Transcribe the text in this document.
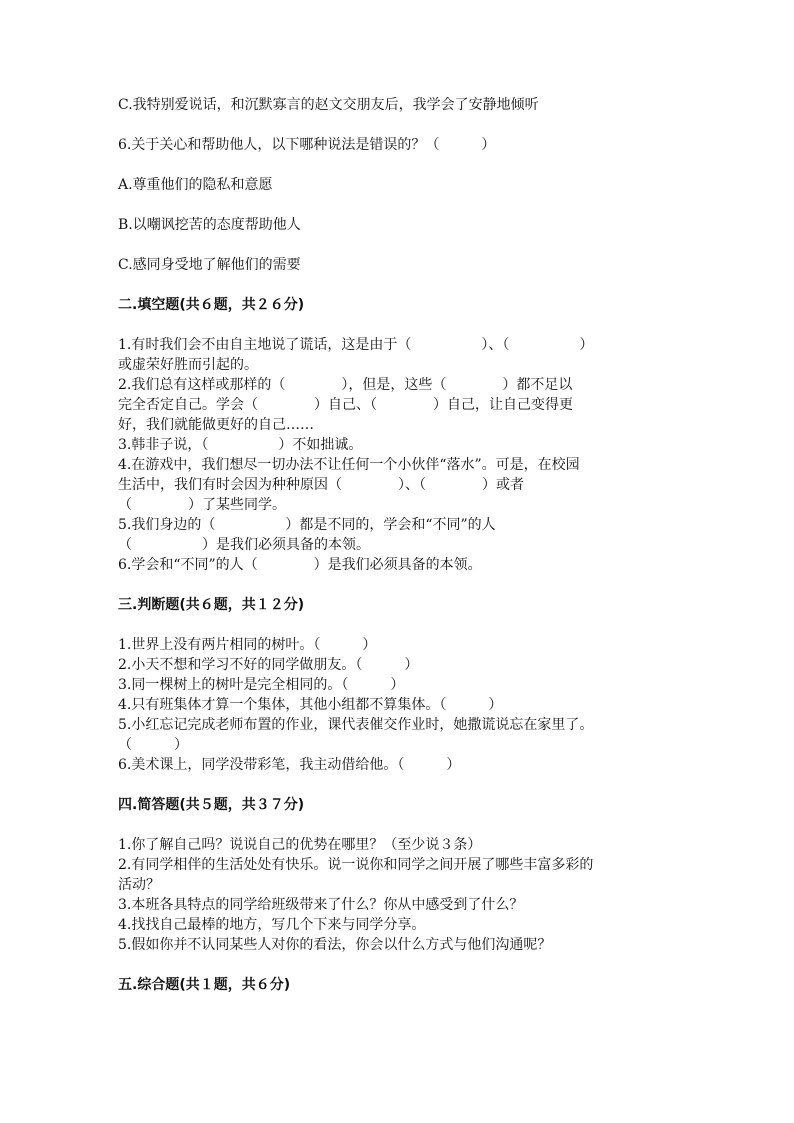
C.我特别爱说话，和沉默寡言的赵文交朋友后，我学会了安静地倾听
6.关于关心和帮助他人，以下哪种说法是错误的？（　　　）
A.尊重他们的隐私和意愿
B.以嘲讽挖苦的态度帮助他人
C.感同身受地了解他们的需要
二.填空题(共６题，共２６分)
1.有时我们会不由自主地说了谎话，这是由于（　　　　　）、（　　　　　）
或虚荣好胜而引起的。
2.我们总有这样或那样的（　　　　），但是，这些（　　　　）都不足以
完全否定自己。学会（　　　　）自己、（　　　　）自己，让自己变得更
好，我们就能做更好的自己……
3.韩非子说，（　　　　　）不如拙诚。
4.在游戏中，我们想尽一切办法不让任何一个小伙伴“落水”。可是，在校园
生活中，我们有时会因为种种原因（　　　　）、（　　　　）或者
（　　　　）了某些同学。
5.我们身边的（　　　　　）都是不同的，学会和“不同”的人
（　　　　　）是我们必须具备的本领。
6.学会和“不同”的人（　　　　）是我们必须具备的本领。
三.判断题(共６题，共１２分)
1.世界上没有两片相同的树叶。（　　　）
2.小天不想和学习不好的同学做朋友。（　　　）
3.同一棵树上的树叶是完全相同的。（　　　）
4.只有班集体才算一个集体，其他小组都不算集体。（　　　）
5.小红忘记完成老师布置的作业，课代表催交作业时，她撒谎说忘在家里了。
（　　　）
6.美术课上，同学没带彩笔，我主动借给他。（　　　）
四.简答题(共５题，共３７分)
1.你了解自己吗？说说自己的优势在哪里？（至少说３条）
2.有同学相伴的生活处处有快乐。说一说你和同学之间开展了哪些丰富多彩的
活动？
3.本班各具特点的同学给班级带来了什么？你从中感受到了什么？
4.找找自己最棒的地方，写几个下来与同学分享。
5.假如你并不认同某些人对你的看法，你会以什么方式与他们沟通呢？
五.综合题(共１题，共６分)
